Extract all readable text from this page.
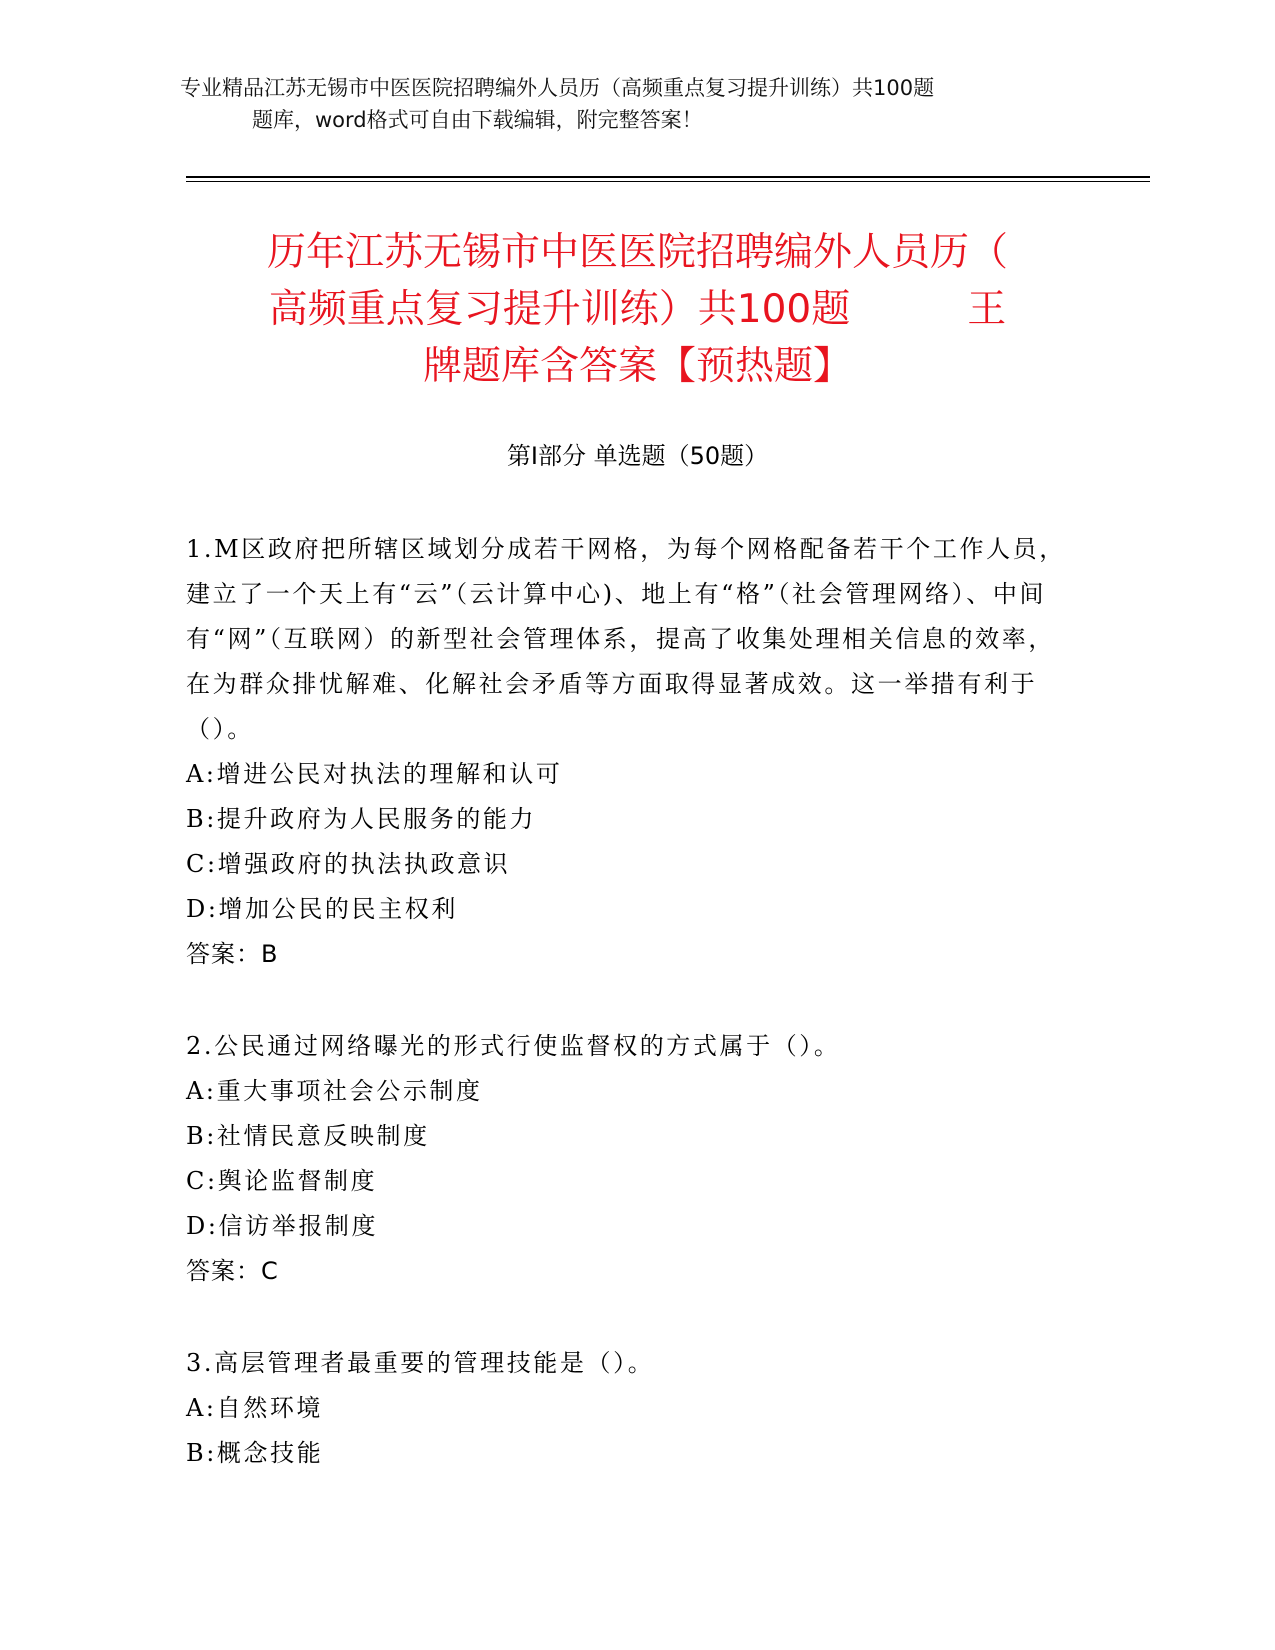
专业精品江苏无锡市中医医院招聘编外人员历（高频重点复习提升训练）共100题
题库，word格式可自由下载编辑，附完整答案！
历年江苏无锡市中医医院招聘编外人员历（
高频重点复习提升训练）共100题　　　王
牌题库含答案【预热题】
第Ⅰ部分 单选题（50题）
1.M区政府把所辖区域划分成若干网格，为每个网格配备若干个工作人员，建立了一个天上有“云”（云计算中心)、地上有“格”（社会管理网络）、中间有“网”（互联网）的新型社会管理体系，提高了收集处理相关信息的效率，在为群众排忧解难、化解社会矛盾等方面取得显著成效。这一举措有利于（）。
A:增进公民对执法的理解和认可
B:提升政府为人民服务的能力
C:增强政府的执法执政意识
D:增加公民的民主权利
答案：B
2.公民通过网络曝光的形式行使监督权的方式属于（）。
A:重大事项社会公示制度
B:社情民意反映制度
C:舆论监督制度
D:信访举报制度
答案：C
3.高层管理者最重要的管理技能是（）。
A:自然环境
B:概念技能
